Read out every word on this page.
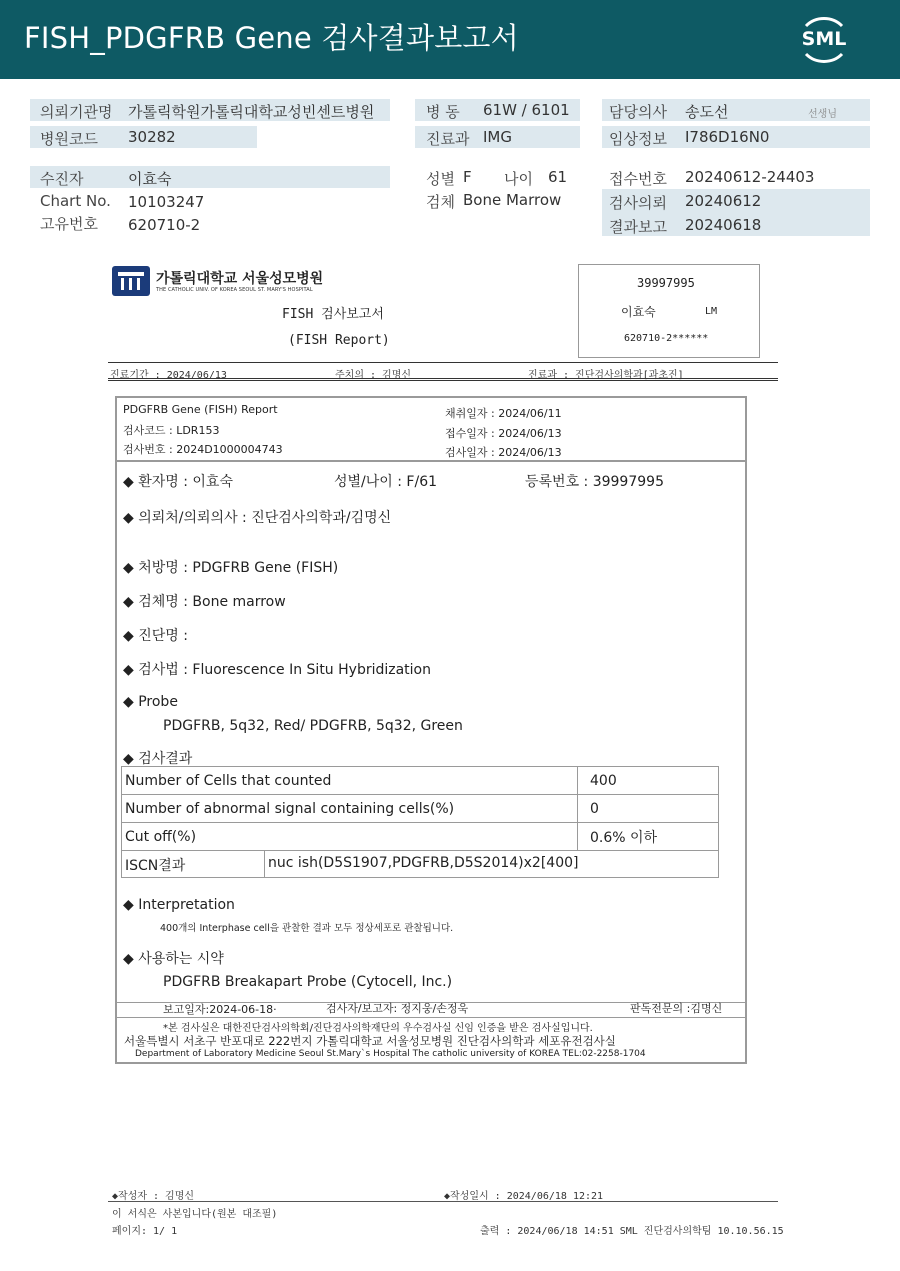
FISH_PDGFRB Gene 검사결과보고서	SML
의뢰기관명 가톨릭학원가톨릭대학교성빈센트병원
병원코드 30282
병 동 61W / 6101
진료과 IMG
담당의사 송도선	선생님
임상정보 I786D16N0
수진자	이효숙
Chart No. 10103247
고유번호 620710-2
성별 F 나이 61
검체 Bone Marrow
접수번호 20240612-24403
검사의뢰 20240612
결과보고 20240618
가톨릭대학교 서울성모병원
THE CATHOLIC UNIV. OF KOREA SEOUL ST. MARY'S HOSPITAL
FISH 검사보고서
(FISH Report)
39997995
이효숙	LM
620710-2******
진료기간 : 2024/06/13	주치의 : 김명신	진료과 : 진단검사의학과[과초진]
PDGFRB Gene (FISH) Report
검사코드 : LDR153
검사번호 : 2024D1000004743
채취일자 : 2024/06/11
접수일자 : 2024/06/13
검사일자 : 2024/06/13
◆ 환자명 : 이효숙	성별/나이 : F/61	등록번호 : 39997995
◆ 의뢰처/의뢰의사 : 진단검사의학과/김명신
◆ 처방명 : PDGFRB Gene (FISH)
◆ 검체명 : Bone marrow
◆ 진단명 :
◆ 검사법 : Fluorescence In Situ Hybridization
◆ Probe
PDGFRB, 5q32, Red/ PDGFRB, 5q32, Green
◆ 검사결과
Number of Cells that counted	400
Number of abnormal signal containing cells(%)	0
Cut off(%)	0.6% 이하
ISCN결과	nuc ish(D5S1907,PDGFRB,D5S2014)x2[400]
◆ Interpretation
400개의 Interphase cell을 관찰한 결과 모두 정상세포로 관찰됩니다.
◆ 사용하는 시약
PDGFRB Breakapart Probe (Cytocell, Inc.)
보고일자:2024-06-18·	검사자/보고자: 정지웅/손정욱	판독전문의 :김명신
*본 검사실은 대한진단검사의학회/진단검사의학재단의 우수검사실 신임 인증을 받은 검사실입니다.
서울특별시 서초구 반포대로 222번지 가톨릭대학교 서울성모병원 진단검사의학과 세포유전검사실
Department of Laboratory Medicine Seoul St.Mary`s Hospital The catholic university of KOREA TEL:02-2258-1704
◆작성자 : 김명신	◆작성일시 : 2024/06/18 12:21
이 서식은 사본입니다(원본 대조필)
페이지: 1/ 1	출력 : 2024/06/18 14:51 SML 진단검사의학팀 10.10.56.15
